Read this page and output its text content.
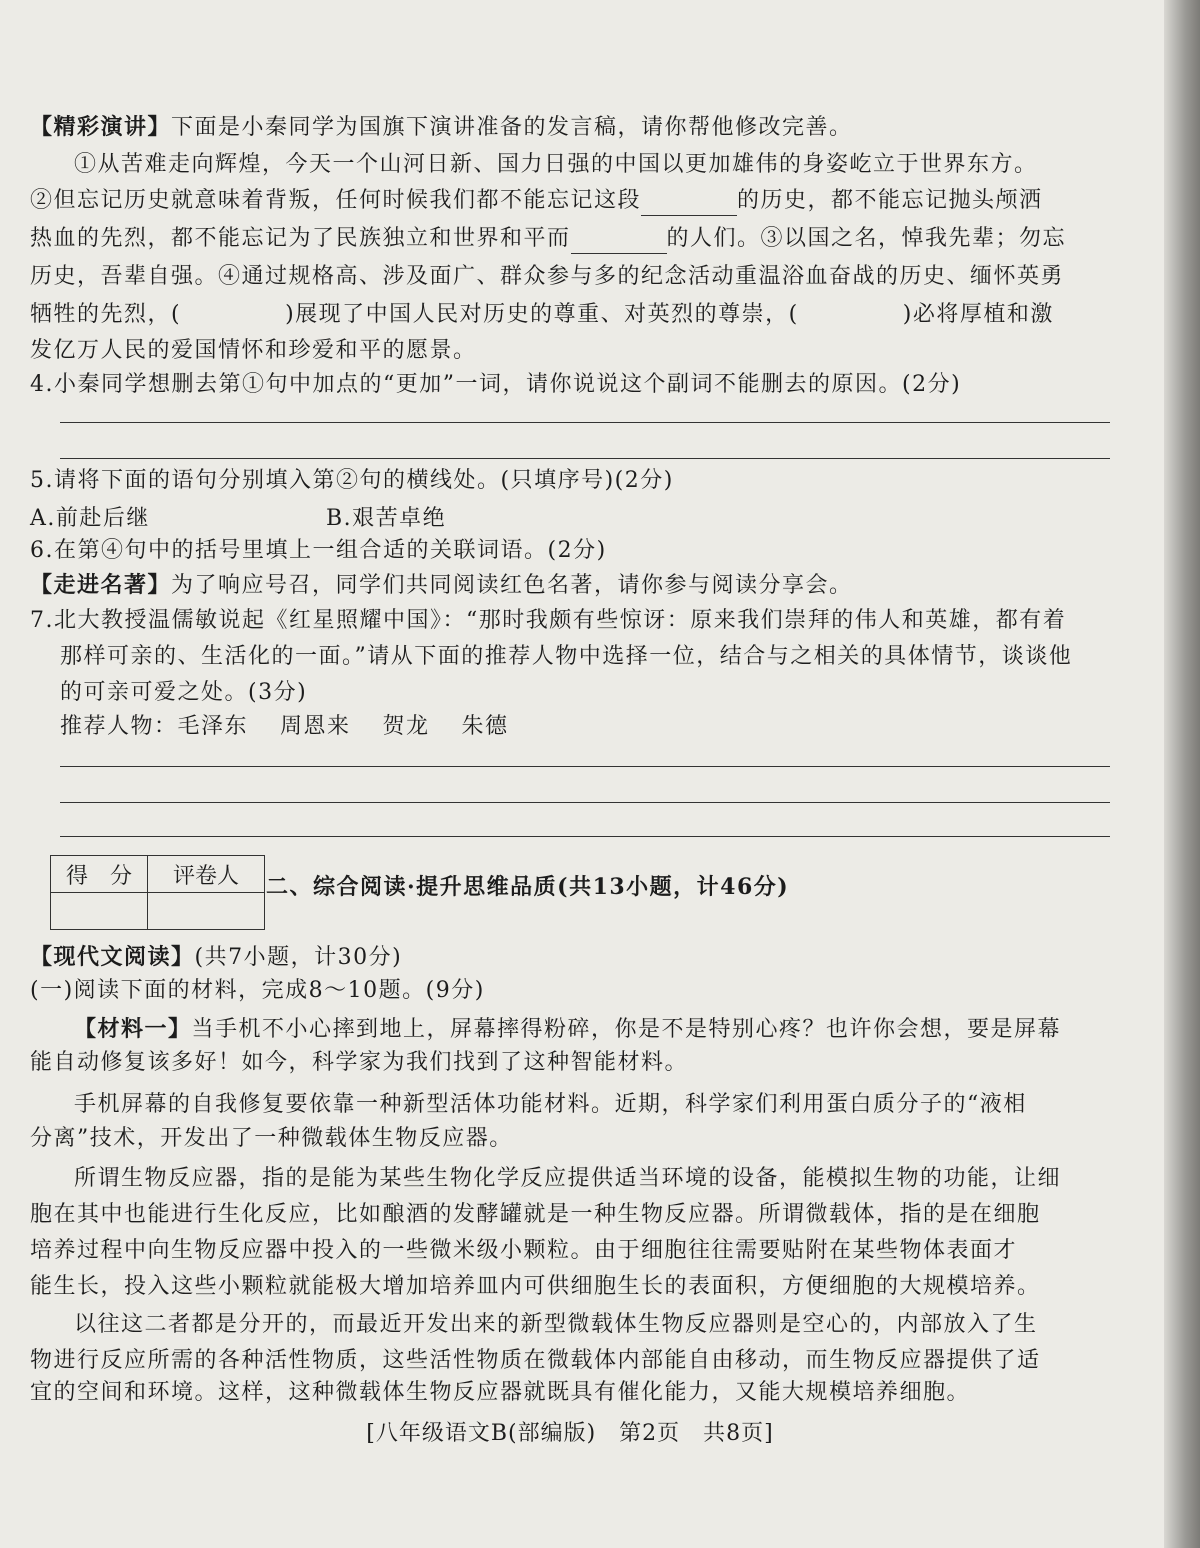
【精彩演讲】下面是小秦同学为国旗下演讲准备的发言稿，请你帮他修改完善。
①从苦难走向辉煌，今天一个山河日新、国力日强的中国以更加雄伟的身姿屹立于世界东方。
②但忘记历史就意味着背叛，任何时候我们都不能忘记这段	的历史，都不能忘记抛头颅洒
热血的先烈，都不能忘记为了民族独立和世界和平而	的人们。③以国之名，悼我先辈；勿忘
历史，吾辈自强。④通过规格高、涉及面广、群众参与多的纪念活动重温浴血奋战的历史、缅怀英勇
牺牲的先烈，(	)展现了中国人民对历史的尊重、对英烈的尊崇，(	)必将厚植和激
发亿万人民的爱国情怀和珍爱和平的愿景。
4.小秦同学想删去第①句中加点的“更加”一词，请你说说这个副词不能删去的原因。(2分)
5.请将下面的语句分别填入第②句的横线处。(只填序号)(2分)
A.前赴后继	B.艰苦卓绝
6.在第④句中的括号里填上一组合适的关联词语。(2分)
【走进名著】为了响应号召，同学们共同阅读红色名著，请你参与阅读分享会。
7.北大教授温儒敏说起《红星照耀中国》：“那时我颇有些惊讶：原来我们崇拜的伟人和英雄，都有着
那样可亲的、生活化的一面。”请从下面的推荐人物中选择一位，结合与之相关的具体情节，谈谈他
的可亲可爱之处。(3分)
推荐人物：毛泽东　 周恩来　 贺龙　 朱德
得　分	评卷人
	二、综合阅读·提升思维品质(共13小题，计46分)
【现代文阅读】(共7小题，计30分)
(一)阅读下面的材料，完成8～10题。(9分)
【材料一】当手机不小心摔到地上，屏幕摔得粉碎，你是不是特别心疼？也许你会想，要是屏幕
能自动修复该多好！如今，科学家为我们找到了这种智能材料。
手机屏幕的自我修复要依靠一种新型活体功能材料。近期，科学家们利用蛋白质分子的“液相
分离”技术，开发出了一种微载体生物反应器。
所谓生物反应器，指的是能为某些生物化学反应提供适当环境的设备，能模拟生物的功能，让细
胞在其中也能进行生化反应，比如酿酒的发酵罐就是一种生物反应器。所谓微载体，指的是在细胞
培养过程中向生物反应器中投入的一些微米级小颗粒。由于细胞往往需要贴附在某些物体表面才
能生长，投入这些小颗粒就能极大增加培养皿内可供细胞生长的表面积，方便细胞的大规模培养。
以往这二者都是分开的，而最近开发出来的新型微载体生物反应器则是空心的，内部放入了生
物进行反应所需的各种活性物质，这些活性物质在微载体内部能自由移动，而生物反应器提供了适
宜的空间和环境。这样，这种微载体生物反应器就既具有催化能力，又能大规模培养细胞。
[八年级语文B(部编版)　第2页　共8页]
